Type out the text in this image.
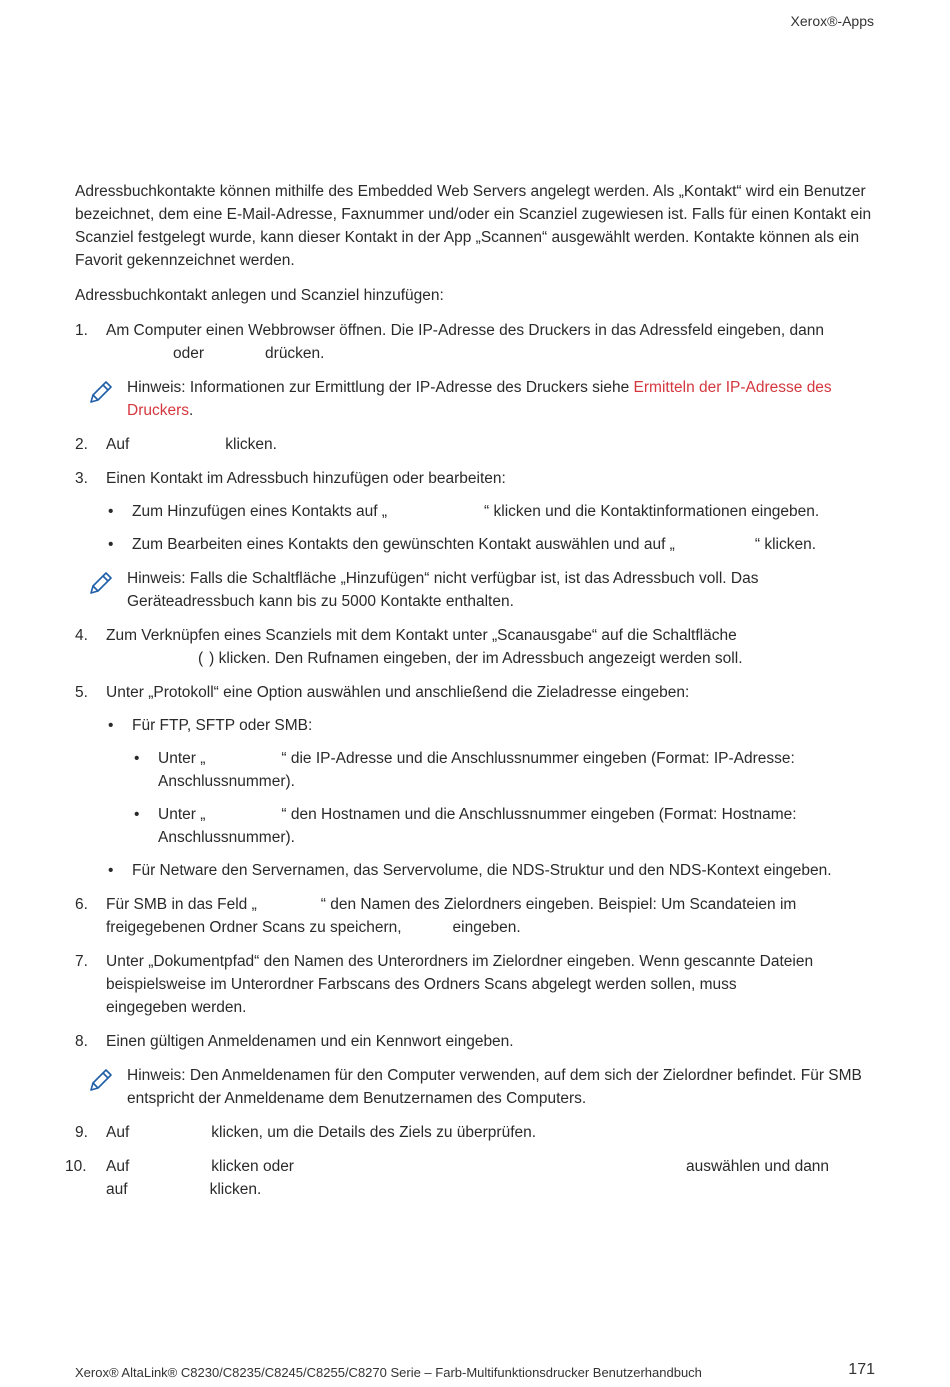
Xerox®-Apps

Adressbuchkontakte können mithilfe des Embedded Web Servers angelegt werden. Als „Kontakt“ wird ein Benutzer bezeichnet, dem eine E-Mail-Adresse, Faxnummer und/oder ein Scanziel zugewiesen ist. Falls für einen Kontakt ein Scanziel festgelegt wurde, kann dieser Kontakt in der App „Scannen“ ausgewählt werden. Kontakte können als ein Favorit gekennzeichnet werden.

Adressbuchkontakt anlegen und Scanziel hinzufügen:

1. Am Computer einen Webbrowser öffnen. Die IP-Adresse des Druckers in das Adressfeld eingeben, dann
oder	drücken.
Hinweis: Informationen zur Ermittlung der IP-Adresse des Druckers siehe Ermitteln der IP-Adresse des Druckers.
2. Auf	klicken.
3. Einen Kontakt im Adressbuch hinzufügen oder bearbeiten:
• Zum Hinzufügen eines Kontakts auf „	“ klicken und die Kontaktinformationen eingeben.
• Zum Bearbeiten eines Kontakts den gewünschten Kontakt auswählen und auf „	“ klicken.
Hinweis: Falls die Schaltfläche „Hinzufügen“ nicht verfügbar ist, ist das Adressbuch voll. Das Geräteadressbuch kann bis zu 5000 Kontakte enthalten.
4. Zum Verknüpfen eines Scanziels mit dem Kontakt unter „Scanausgabe“ auf die Schaltfläche
( ) klicken. Den Rufnamen eingeben, der im Adressbuch angezeigt werden soll.
5. Unter „Protokoll“ eine Option auswählen und anschließend die Zieladresse eingeben:
• Für FTP, SFTP oder SMB:
• Unter „	“ die IP-Adresse und die Anschlussnummer eingeben (Format: IP-Adresse: Anschlussnummer).
• Unter „	“ den Hostnamen und die Anschlussnummer eingeben (Format: Hostname: Anschlussnummer).
• Für Netware den Servernamen, das Servervolume, die NDS-Struktur und den NDS-Kontext eingeben.
6. Für SMB in das Feld „	“ den Namen des Zielordners eingeben. Beispiel: Um Scandateien im freigegebenen Ordner Scans zu speichern,	eingeben.
7. Unter „Dokumentpfad“ den Namen des Unterordners im Zielordner eingeben. Wenn gescannte Dateien beispielsweise im Unterordner Farbscans des Ordners Scans abgelegt werden sollen, muss
eingegeben werden.
8. Einen gültigen Anmeldenamen und ein Kennwort eingeben.
Hinweis: Den Anmeldenamen für den Computer verwenden, auf dem sich der Zielordner befindet. Für SMB entspricht der Anmeldename dem Benutzernamen des Computers.
9. Auf	klicken, um die Details des Ziels zu überprüfen.
10. Auf	klicken oder	auswählen und dann
auf	klicken.
Xerox® AltaLink® C8230/C8235/C8245/C8255/C8270 Serie – Farb-Multifunktionsdrucker Benutzerhandbuch	171
